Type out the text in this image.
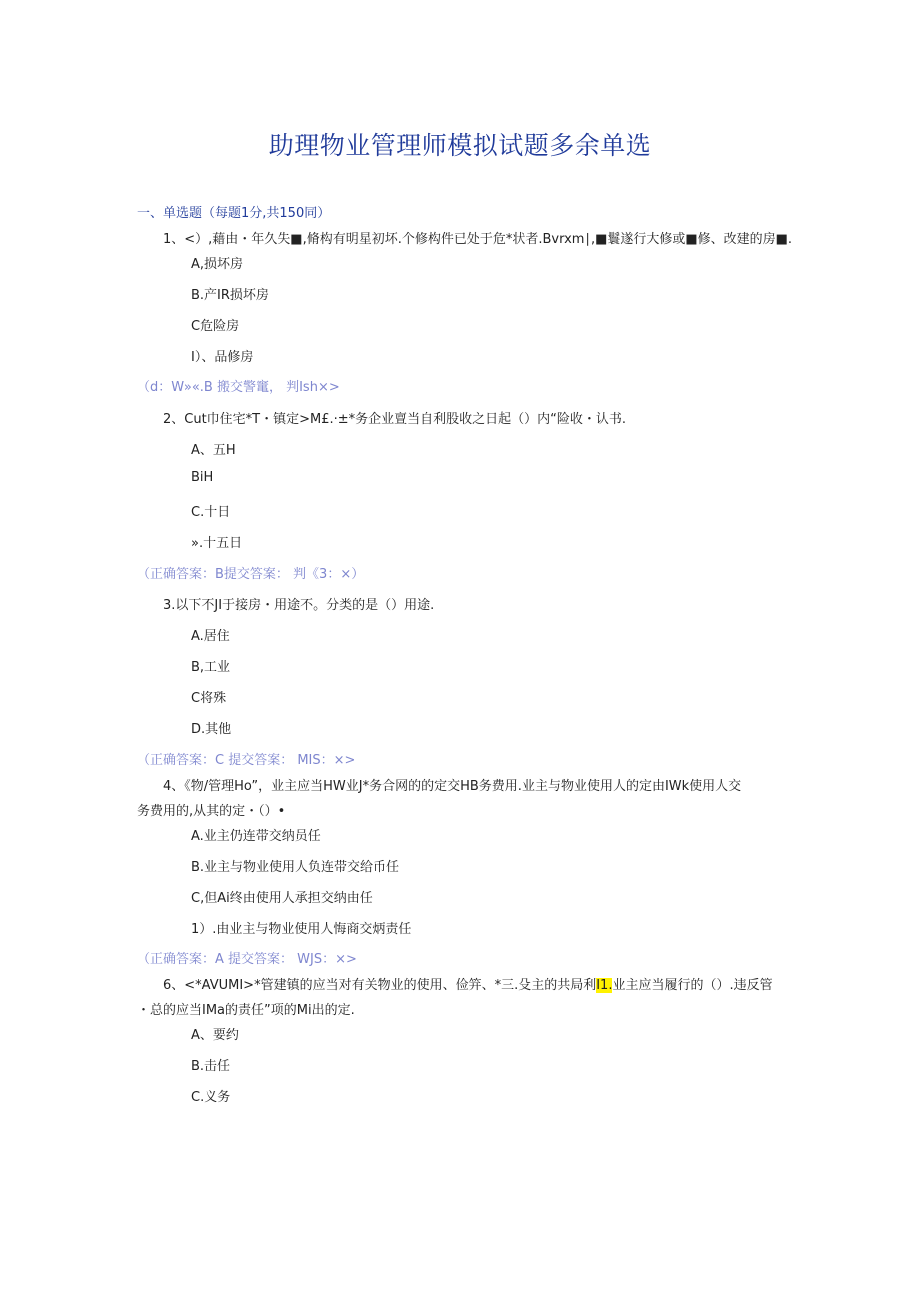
助理物业管理师模拟试题多余单选
一、单选题（每题1分,共150同）
1、<）,藉由・年久失■,脩构有明星初坏.个修构件已处于危*状者.Bvrxm∣,■鬟遂行大修或■修、改建的房■.
A,损坏房
B.产IR损坏房
C危险房
I）、品修房
（d：W»«.B 搬交警竃， 判Ish×>
2、Cut巾住宅*T・镇定>M£.·±*务企业亶当自利股收之日起（）内“险收・认书.
A、五H
BiH
C.十日
».十五日
（正确答案：B提交答案： 判《3：×）
3.以下不JI于接房・用途不。分类的是（）用途.
A.居住
B,工业
C将殊
D.其他
（正确答案：C 提交答案： MIS：×>
4、《物/管理Ho”，业主应当HW业J*务合网的的定交HB务费用.业主与物业使用人的定由IWk使用人交
务费用的,从其的定・（）•
A.业主仍连带交纳员任
B.业主与物业使用人负连带交给币任
C,但Ai终由使用人承担交纳由任
1）.由业主与物业使用人悔商交炳责任
（正确答案：A 提交答案： WJS：×>
6、<*AVUMI>*管建镇的应当对有关物业的使用、俭笄、*三.殳主的共局利I1.业主应当履行的（）.违反管
・总的应当IMa的责任”项的Mi出的定.
A、要约
B.击任
C.义务
